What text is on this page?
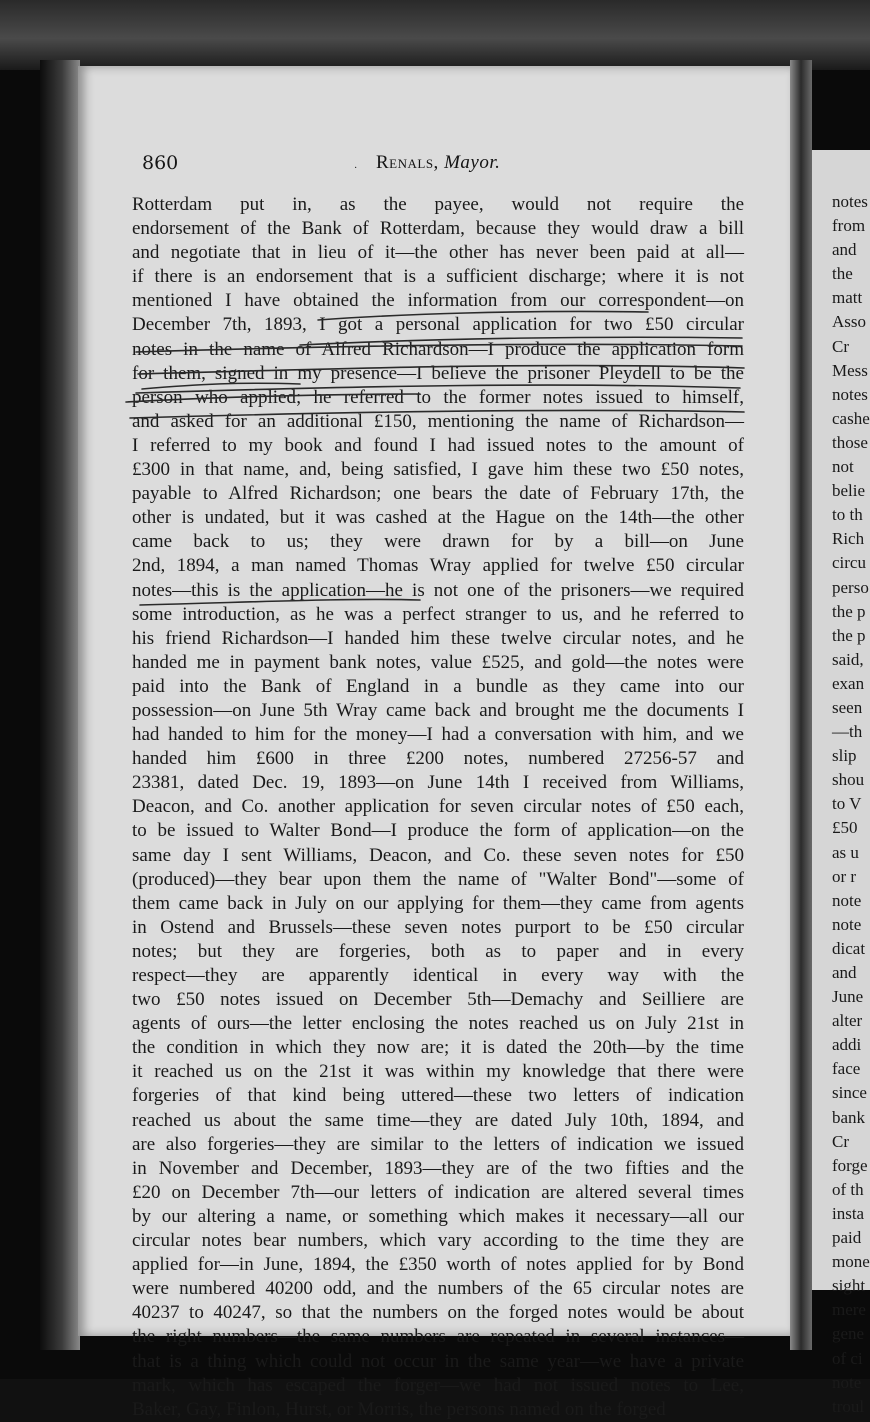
notes
from
and
the
matt
Asso
Cr
Mess
notes
cashe
those
not
belie
to th
Rich
circu
perso
the p
the p
said,
exan
seen
—th
slip
shou
to V
£50
as u
or r
note
note
dicat
and
June
alter
addi
face
since
bank
Cr
forge
of th
insta
paid
mone
sight
mere
gene
of ci
note
troul
860	· Renals, Mayor.
Rotterdam put in, as the payee, would not require the
endorsement of the Bank of Rotterdam, because they would draw a bill
and negotiate that in lieu of it—the other has never been paid at all—
if there is an endorsement that is a sufficient discharge; where it is not
mentioned I have obtained the information from our correspondent—on
December 7th, 1893, I got a personal application for two £50 circular
notes in the name of Alfred Richardson—I produce the application form
for them, signed in my presence—I believe the prisoner Pleydell to be the
person who applied; he referred to the former notes issued to himself,
and asked for an additional £150, mentioning the name of Richardson—
I referred to my book and found I had issued notes to the amount of
£300 in that name, and, being satisfied, I gave him these two £50 notes,
payable to Alfred Richardson; one bears the date of February 17th, the
other is undated, but it was cashed at the Hague on the 14th—the other
came back to us; they were drawn for by a bill—on June
2nd, 1894, a man named Thomas Wray applied for twelve £50 circular
notes—this is the application—he is not one of the prisoners—we required
some introduction, as he was a perfect stranger to us, and he referred to
his friend Richardson—I handed him these twelve circular notes, and he
handed me in payment bank notes, value £525, and gold—the notes were
paid into the Bank of England in a bundle as they came into our
possession—on June 5th Wray came back and brought me the documents I
had handed to him for the money—I had a conversation with him, and we
handed him £600 in three £200 notes, numbered 27256-57 and
23381, dated Dec. 19, 1893—on June 14th I received from Williams,
Deacon, and Co. another application for seven circular notes of £50 each,
to be issued to Walter Bond—I produce the form of application—on the
same day I sent Williams, Deacon, and Co. these seven notes for £50
(produced)—they bear upon them the name of "Walter Bond"—some of
them came back in July on our applying for them—they came from agents
in Ostend and Brussels—these seven notes purport to be £50 circular
notes; but they are forgeries, both as to paper and in every
respect—they are apparently identical in every way with the
two £50 notes issued on December 5th—Demachy and Seilliere are
agents of ours—the letter enclosing the notes reached us on July 21st in
the condition in which they now are; it is dated the 20th—by the time
it reached us on the 21st it was within my knowledge that there were
forgeries of that kind being uttered—these two letters of indication
reached us about the same time—they are dated July 10th, 1894, and
are also forgeries—they are similar to the letters of indication we issued
in November and December, 1893—they are of the two fifties and the
£20 on December 7th—our letters of indication are altered several times
by our altering a name, or something which makes it necessary—all our
circular notes bear numbers, which vary according to the time they are
applied for—in June, 1894, the £350 worth of notes applied for by Bond
were numbered 40200 odd, and the numbers of the 65 circular notes are
40237 to 40247, so that the numbers on the forged notes would be about
the right numbers—the same numbers are repeated in several instances—
that is a thing which could not occur in the same year—we have a private
mark, which has escaped the forger—we had not issued notes to Lee,
Baker, Gay, Finlon, Hurst, or Morris, the persons named on the forged
